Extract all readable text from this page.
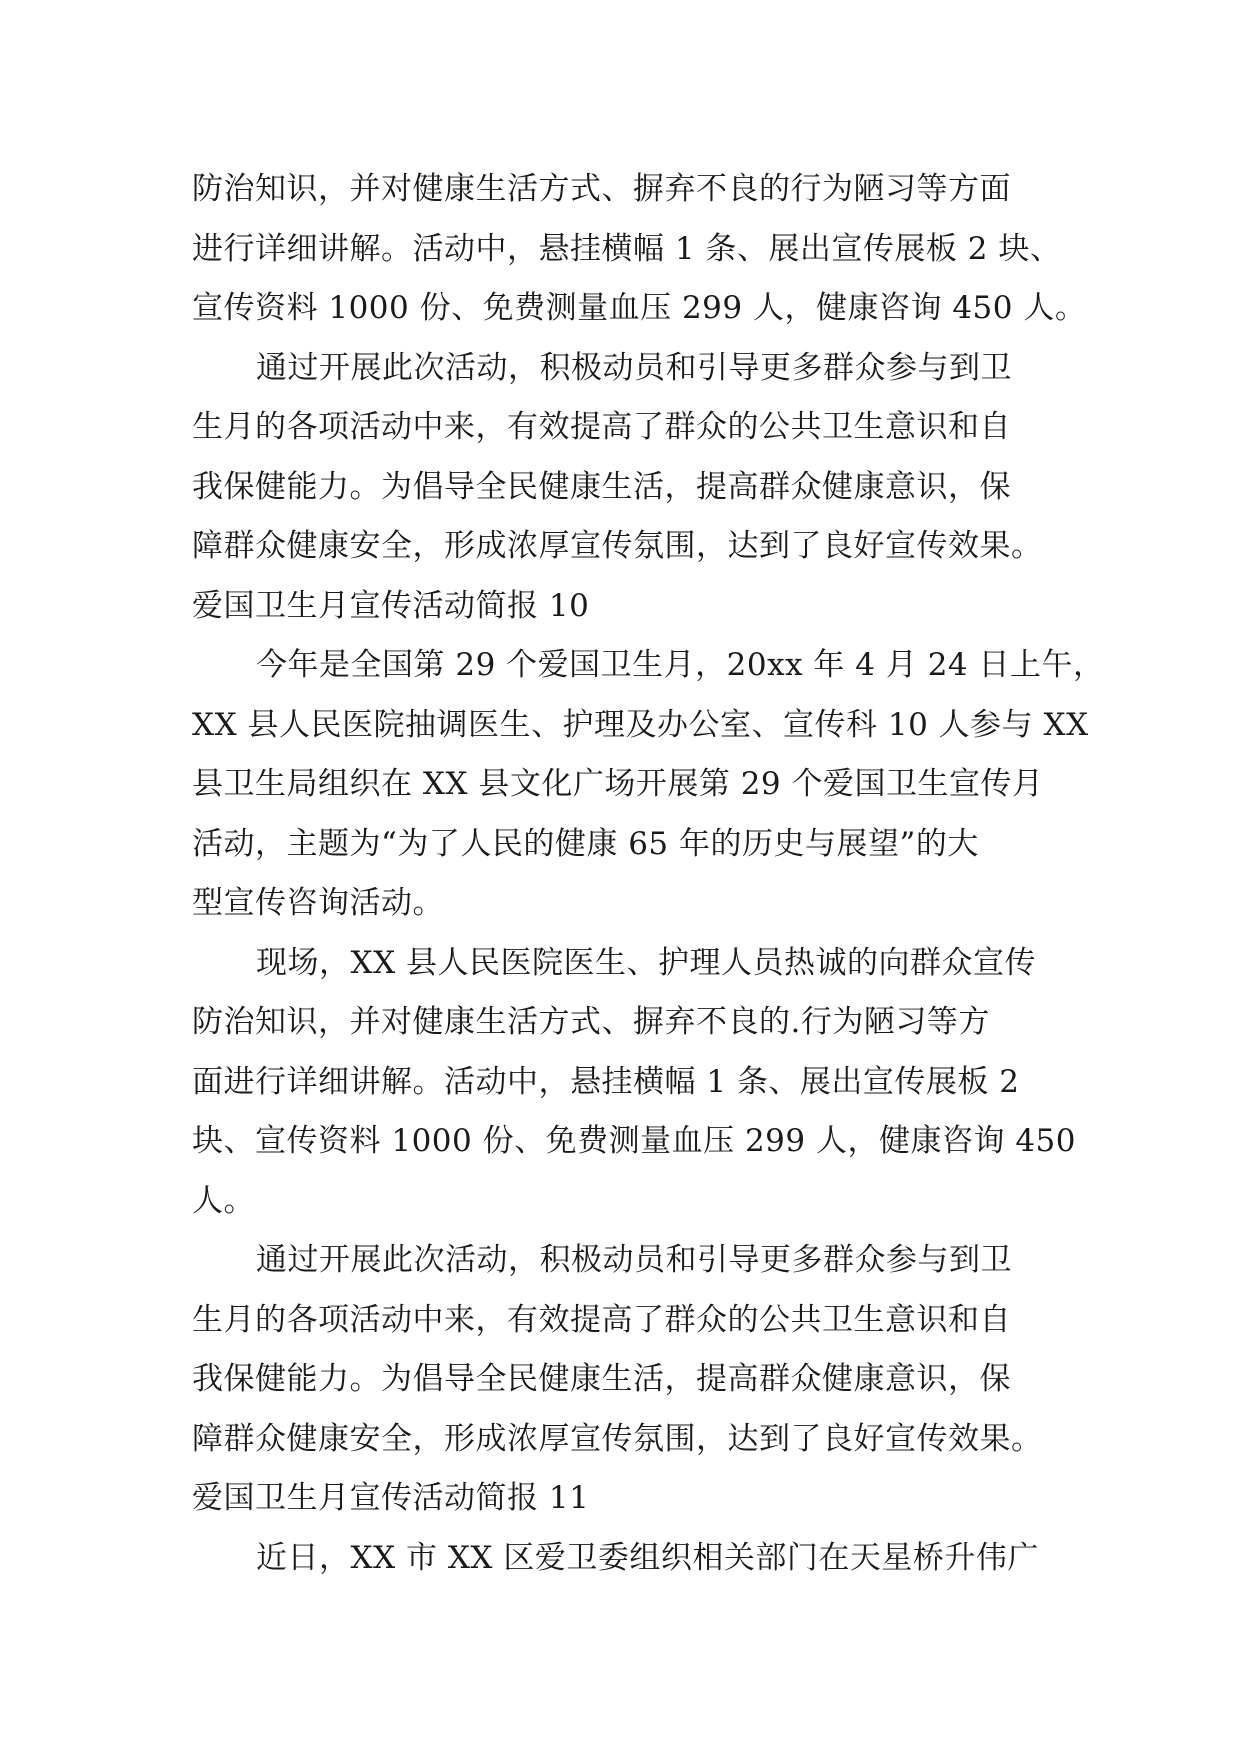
防治知识，并对健康生活方式、摒弃不良的行为陋习等方面
进行详细讲解。活动中，悬挂横幅 1 条、展出宣传展板 2 块、
宣传资料 1000 份、免费测量血压 299 人，健康咨询 450 人。
通过开展此次活动，积极动员和引导更多群众参与到卫
生月的各项活动中来，有效提高了群众的公共卫生意识和自
我保健能力。为倡导全民健康生活，提高群众健康意识，保
障群众健康安全，形成浓厚宣传氛围，达到了良好宣传效果。
爱国卫生月宣传活动简报 10
今年是全国第 29 个爱国卫生月，20xx 年 4 月 24 日上午，
XX 县人民医院抽调医生、护理及办公室、宣传科 10 人参与 XX
县卫生局组织在 XX 县文化广场开展第 29 个爱国卫生宣传月
活动，主题为“为了人民的健康 65 年的历史与展望”的大
型宣传咨询活动。
现场，XX 县人民医院医生、护理人员热诚的向群众宣传
防治知识，并对健康生活方式、摒弃不良的.行为陋习等方
面进行详细讲解。活动中，悬挂横幅 1 条、展出宣传展板 2
块、宣传资料 1000 份、免费测量血压 299 人，健康咨询 450
人。
通过开展此次活动，积极动员和引导更多群众参与到卫
生月的各项活动中来，有效提高了群众的公共卫生意识和自
我保健能力。为倡导全民健康生活，提高群众健康意识，保
障群众健康安全，形成浓厚宣传氛围，达到了良好宣传效果。
爱国卫生月宣传活动简报 11
近日，XX 市 XX 区爱卫委组织相关部门在天星桥升伟广
